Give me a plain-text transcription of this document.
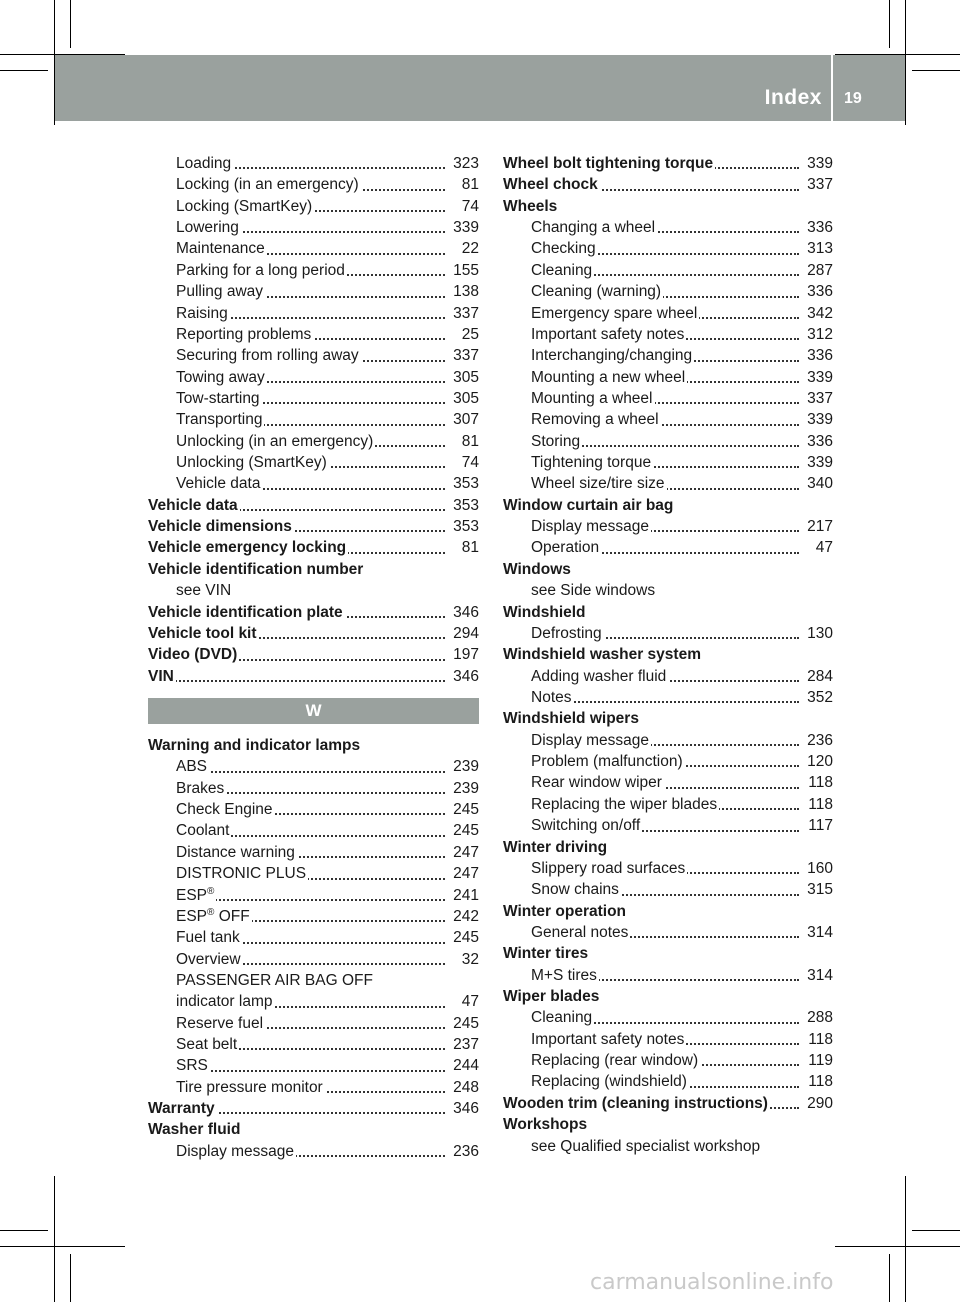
Index 19
Loading	323
Locking (in an emergency)	81
Locking (SmartKey)	74
Lowering	339
Maintenance	22
Parking for a long period	155
Pulling away	138
Raising	337
Reporting problems	25
Securing from rolling away	337
Towing away	305
Tow-starting	305
Transporting	307
Unlocking (in an emergency)	81
Unlocking (SmartKey)	74
Vehicle data	353
Vehicle data	353
Vehicle dimensions	353
Vehicle emergency locking	81
Vehicle identification number
see VIN
Vehicle identification plate	346
Vehicle tool kit	294
Video (DVD)	197
VIN	346
W
Warning and indicator lamps
ABS	239
Brakes	239
Check Engine	245
Coolant	245
Distance warning	247
DISTRONIC PLUS	247
ESP®	241
ESP® OFF	242
Fuel tank	245
Overview	32
PASSENGER AIR BAG OFF
indicator lamp	47
Reserve fuel	245
Seat belt	237
SRS	244
Tire pressure monitor	248
Warranty	346
Washer fluid
Display message	236
Wheel bolt tightening torque	339
Wheel chock	337
Wheels
Changing a wheel	336
Checking	313
Cleaning	287
Cleaning (warning)	336
Emergency spare wheel	342
Important safety notes	312
Interchanging/changing	336
Mounting a new wheel	339
Mounting a wheel	337
Removing a wheel	339
Storing	336
Tightening torque	339
Wheel size/tire size	340
Window curtain air bag
Display message	217
Operation	47
Windows
see Side windows
Windshield
Defrosting	130
Windshield washer system
Adding washer fluid	284
Notes	352
Windshield wipers
Display message	236
Problem (malfunction)	120
Rear window wiper	118
Replacing the wiper blades	118
Switching on/off	117
Winter driving
Slippery road surfaces	160
Snow chains	315
Winter operation
General notes	314
Winter tires
M+S tires	314
Wiper blades
Cleaning	288
Important safety notes	118
Replacing (rear window)	119
Replacing (windshield)	118
Wooden trim (cleaning instructions)	290
Workshops
see Qualified specialist workshop
carmanualsonline.info
